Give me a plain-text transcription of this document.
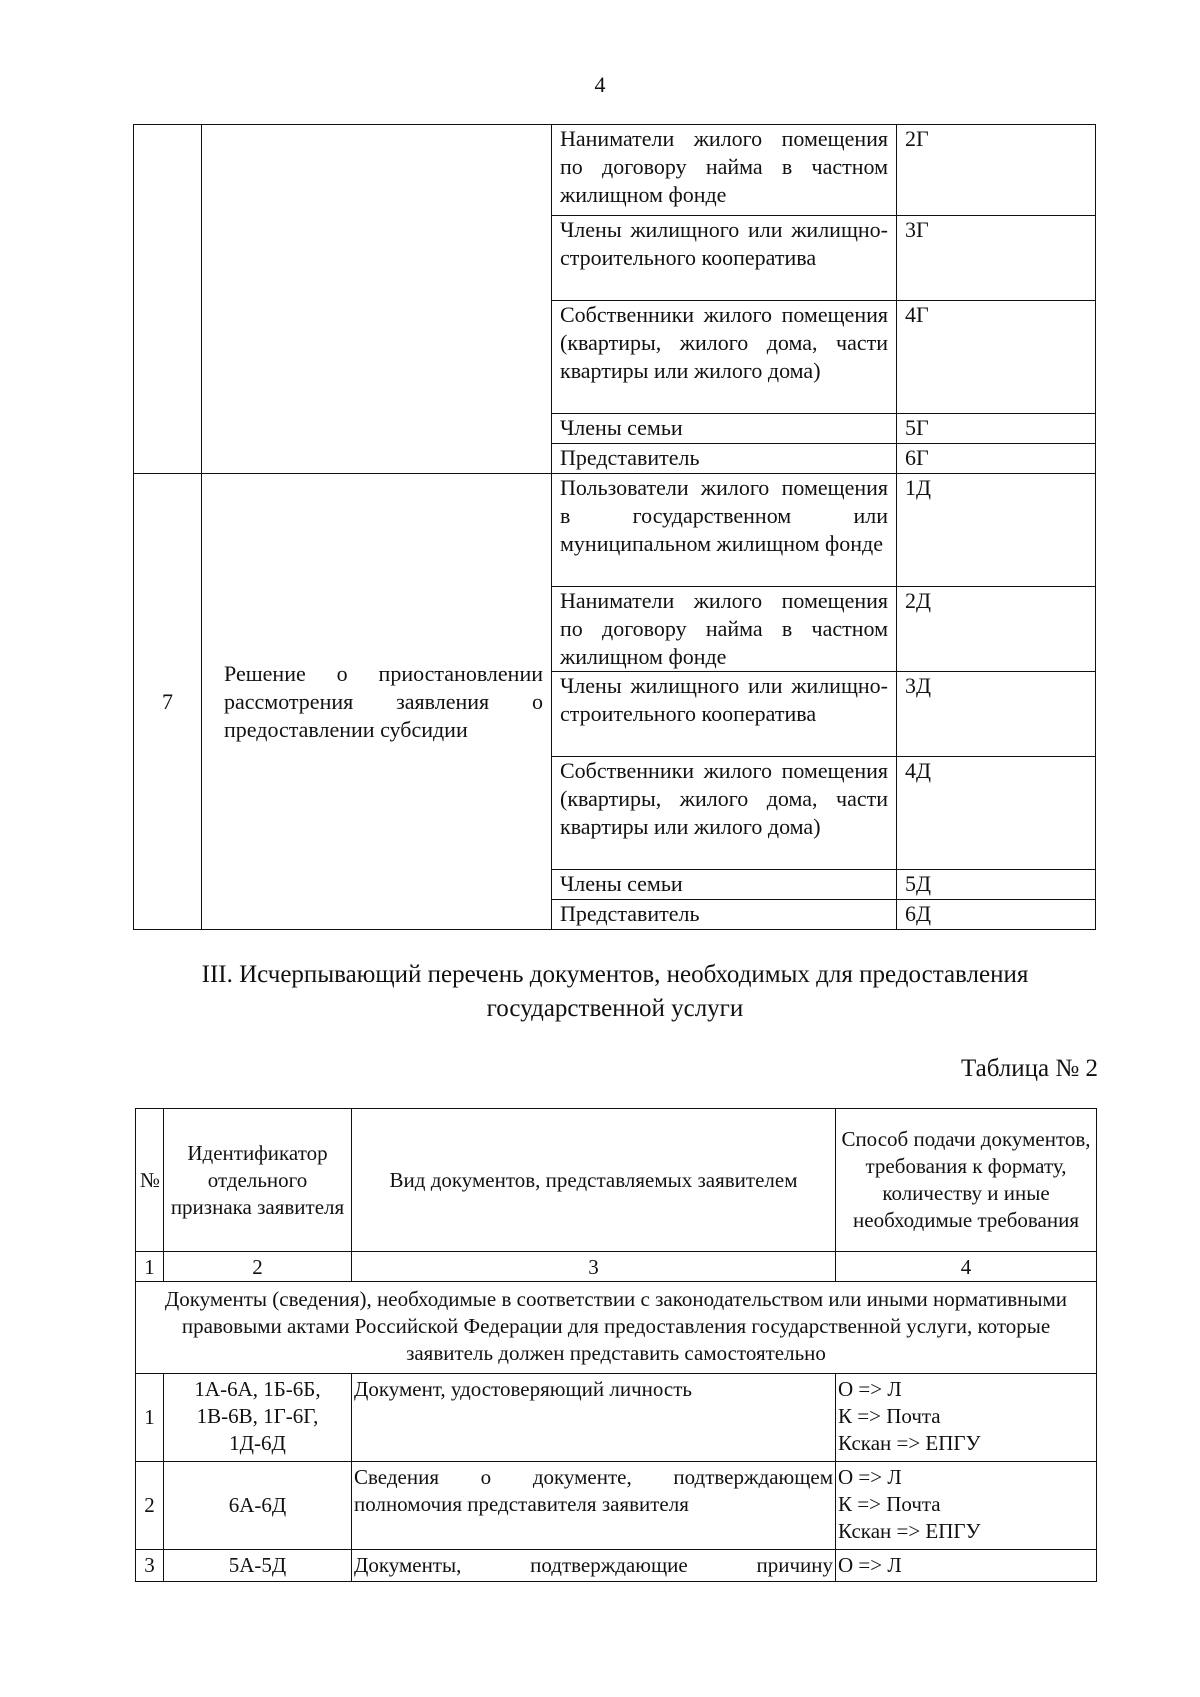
4

	Наниматели жилого помещения по договору найма в частном жилищном фонде	2Г
		Члены жилищного или жилищно-строительного кооператива	3Г
		Собственники жилого помещения (квартиры, жилого дома, части квартиры или жилого дома)	4Г
		Члены семьи	5Г
		Представитель	6Г
7	Решение о приостановлении рассмотрения заявления о предоставлении субсидии	Пользователи жилого помещения в государственном или муниципальном жилищном фонде	1Д
		Наниматели жилого помещения по договору найма в частном жилищном фонде	2Д
		Члены жилищного или жилищно-строительного кооператива	3Д
		Собственники жилого помещения (квартиры, жилого дома, части квартиры или жилого дома)	4Д
		Члены семьи	5Д
		Представитель	6Д
III. Исчерпывающий перечень документов, необходимых для предоставления государственной услуги
Таблица № 2
№	Идентификатор отдельного признака заявителя	Вид документов, представляемых заявителем	Способ подачи документов, требования к формату, количеству и иные необходимые требования
1	2	3	4
Документы (сведения), необходимые в соответствии с законодательством или иными нормативными правовыми актами Российской Федерации для предоставления государственной услуги, которые заявитель должен представить самостоятельно			
1	1А-6А, 1Б-6Б, 1В-6В, 1Г-6Г, 1Д-6Д	Документ, удостоверяющий личность	О => Л
К => Почта
Кскан => ЕПГУ

2	6А-6Д	Сведения о документе, подтверждающем полномочия представителя заявителя	О => Л
К => Почта
Кскан => ЕПГУ

3	5А-5Д	Документы, подтверждающие причину	О => Л
